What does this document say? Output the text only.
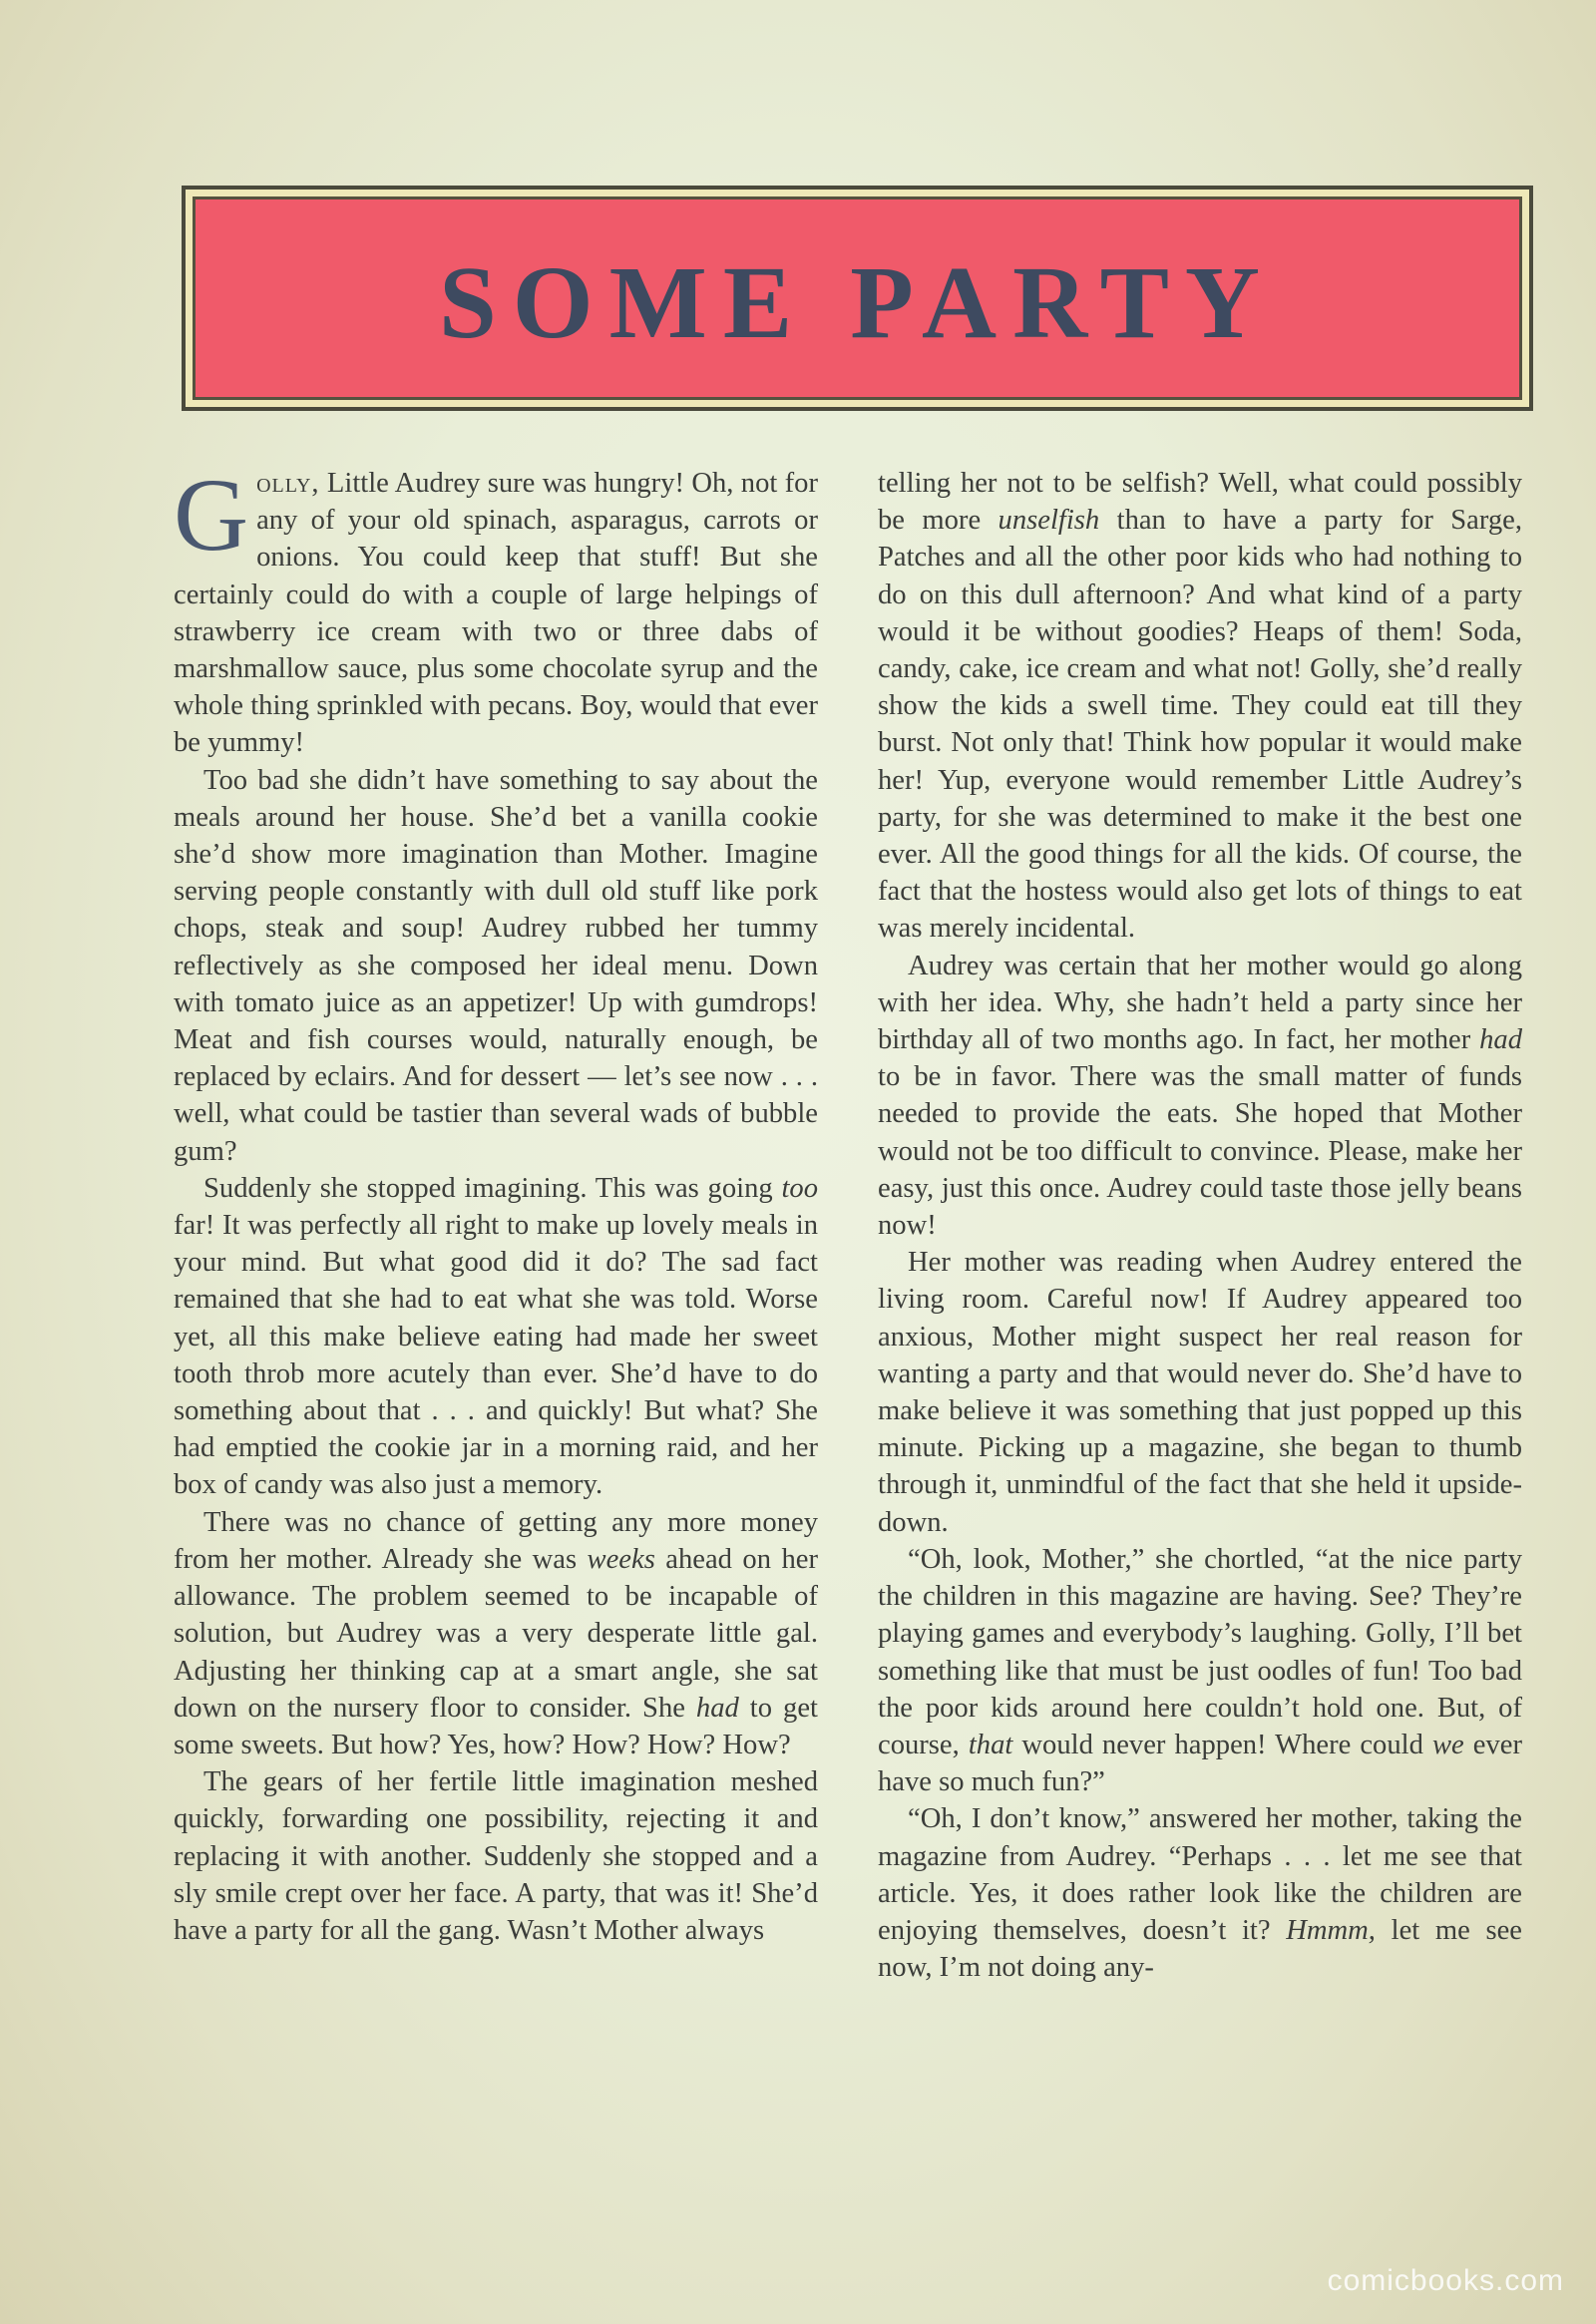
SOME PARTY

Golly, Little Audrey sure was hungry! Oh, not for any of your old spinach, asparagus, carrots or onions. You could keep that stuff! But she certainly could do with a couple of large helpings of strawberry ice cream with two or three dabs of marshmallow sauce, plus some chocolate syrup and the whole thing sprinkled with pecans. Boy, would that ever be yummy!

Too bad she didn’t have something to say about the meals around her house. She’d bet a vanilla cookie she’d show more imagination than Mother. Imagine serving people constantly with dull old stuff like pork chops, steak and soup! Audrey rubbed her tummy reflectively as she composed her ideal menu. Down with tomato juice as an appetizer! Up with gumdrops! Meat and fish courses would, naturally enough, be replaced by eclairs. And for dessert — let’s see now . . . well, what could be tastier than several wads of bubble gum?

Suddenly she stopped imagining. This was going too far! It was perfectly all right to make up lovely meals in your mind. But what good did it do? The sad fact remained that she had to eat what she was told. Worse yet, all this make believe eating had made her sweet tooth throb more acutely than ever. She’d have to do something about that . . . and quickly! But what? She had emptied the cookie jar in a morning raid, and her box of candy was also just a memory.

There was no chance of getting any more money from her mother. Already she was weeks ahead on her allowance. The problem seemed to be incapable of solution, but Audrey was a very desperate little gal. Adjusting her thinking cap at a smart angle, she sat down on the nursery floor to consider. She had to get some sweets. But how? Yes, how? How? How? How?

The gears of her fertile little imagination meshed quickly, forwarding one possibility, rejecting it and replacing it with another. Suddenly she stopped and a sly smile crept over her face. A party, that was it! She’d have a party for all the gang. Wasn’t Mother always

telling her not to be selfish? Well, what could possibly be more unselfish than to have a party for Sarge, Patches and all the other poor kids who had nothing to do on this dull afternoon? And what kind of a party would it be without goodies? Heaps of them! Soda, candy, cake, ice cream and what not! Golly, she’d really show the kids a swell time. They could eat till they burst. Not only that! Think how popular it would make her! Yup, everyone would remember Little Audrey’s party, for she was determined to make it the best one ever. All the good things for all the kids. Of course, the fact that the hostess would also get lots of things to eat was merely incidental.

Audrey was certain that her mother would go along with her idea. Why, she hadn’t held a party since her birthday all of two months ago. In fact, her mother had to be in favor. There was the small matter of funds needed to provide the eats. She hoped that Mother would not be too difficult to convince. Please, make her easy, just this once. Audrey could taste those jelly beans now!

Her mother was reading when Audrey entered the living room. Careful now! If Audrey appeared too anxious, Mother might suspect her real reason for wanting a party and that would never do. She’d have to make believe it was something that just popped up this minute. Picking up a magazine, she began to thumb through it, unmindful of the fact that she held it upside-down.

“Oh, look, Mother,” she chortled, “at the nice party the children in this magazine are having. See? They’re playing games and everybody’s laughing. Golly, I’ll bet something like that must be just oodles of fun! Too bad the poor kids around here couldn’t hold one. But, of course, that would never happen! Where could we ever have so much fun?”

“Oh, I don’t know,” answered her mother, taking the magazine from Audrey. “Perhaps . . . let me see that article. Yes, it does rather look like the children are enjoying themselves, doesn’t it? Hmmm, let me see now, I’m not doing any-

comicbooks.com
